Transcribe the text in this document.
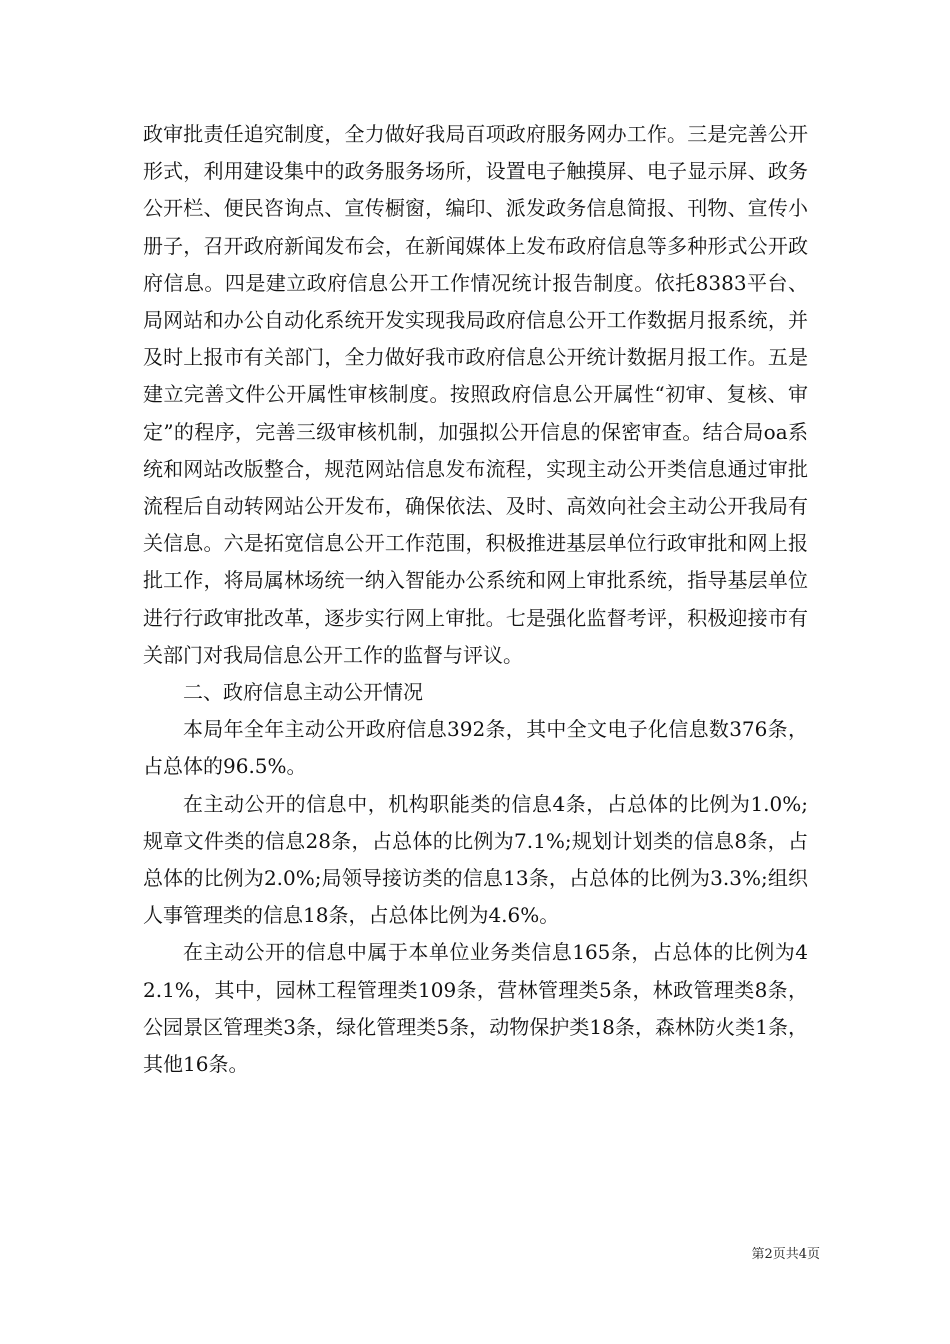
政审批责任追究制度，全力做好我局百项政府服务网办工作。三是完善公开形式，利用建设集中的政务服务场所，设置电子触摸屏、电子显示屏、政务公开栏、便民咨询点、宣传橱窗，编印、派发政务信息简报、刊物、宣传小册子，召开政府新闻发布会，在新闻媒体上发布政府信息等多种形式公开政府信息。四是建立政府信息公开工作情况统计报告制度。依托8383平台、局网站和办公自动化系统开发实现我局政府信息公开工作数据月报系统，并及时上报市有关部门，全力做好我市政府信息公开统计数据月报工作。五是建立完善文件公开属性审核制度。按照政府信息公开属性“初审、复核、审定”的程序，完善三级审核机制，加强拟公开信息的保密审查。结合局oa系统和网站改版整合，规范网站信息发布流程，实现主动公开类信息通过审批流程后自动转网站公开发布，确保依法、及时、高效向社会主动公开我局有关信息。六是拓宽信息公开工作范围，积极推进基层单位行政审批和网上报批工作，将局属林场统一纳入智能办公系统和网上审批系统，指导基层单位进行行政审批改革，逐步实行网上审批。七是强化监督考评，积极迎接市有关部门对我局信息公开工作的监督与评议。

二、政府信息主动公开情况

本局年全年主动公开政府信息392条，其中全文电子化信息数376条，占总体的96.5%。

在主动公开的信息中，机构职能类的信息4条，占总体的比例为1.0%;规章文件类的信息28条，占总体的比例为7.1%;规划计划类的信息8条，占总体的比例为2.0%;局领导接访类的信息13条，占总体的比例为3.3%;组织人事管理类的信息18条，占总体比例为4.6%。

在主动公开的信息中属于本单位业务类信息165条，占总体的比例为42.1%，其中，园林工程管理类109条，营林管理类5条，林政管理类8条，公园景区管理类3条，绿化管理类5条，动物保护类18条，森林防火类1条，其他16条。

第2页共4页
